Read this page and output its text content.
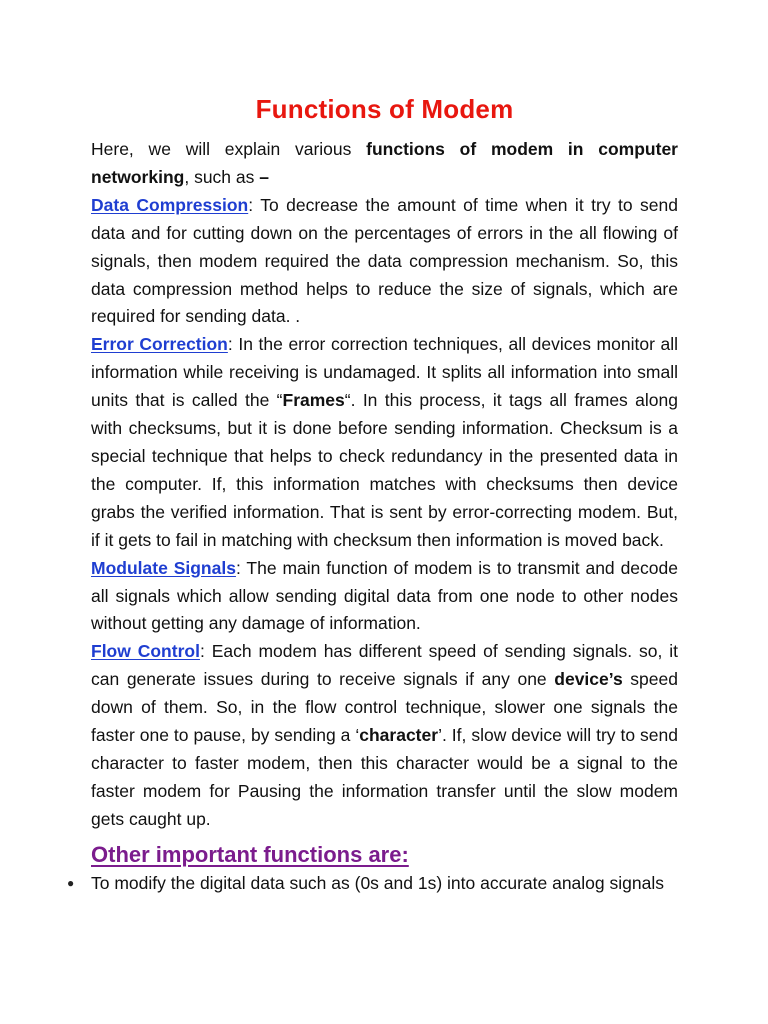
Functions of Modem

Here, we will explain various functions of modem in computer networking, such as –

Data Compression: To decrease the amount of time when it try to send data and for cutting down on the percentages of errors in the all flowing of signals, then modem required the data compression mechanism. So, this data compression method helps to reduce the size of signals, which are required for sending data. .

Error Correction: In the error correction techniques, all devices monitor all information while receiving is undamaged. It splits all information into small units that is called the “Frames“. In this process, it tags all frames along with checksums, but it is done before sending information. Checksum is a special technique that helps to check redundancy in the presented data in the computer. If, this information matches with checksums then device grabs the verified information. That is sent by error-correcting modem. But, if it gets to fail in matching with checksum then information is moved back.

Modulate Signals: The main function of modem is to transmit and decode all signals which allow sending digital data from one node to other nodes without getting any damage of information.

Flow Control: Each modem has different speed of sending signals. so, it can generate issues during to receive signals if any one device’s speed down of them. So, in the flow control technique, slower one signals the faster one to pause, by sending a ‘character’. If, slow device will try to send character to faster modem, then this character would be a signal to the faster modem for Pausing the information transfer until the slow modem gets caught up.

Other important functions are:
● To modify the digital data such as (0s and 1s) into accurate analog signals
